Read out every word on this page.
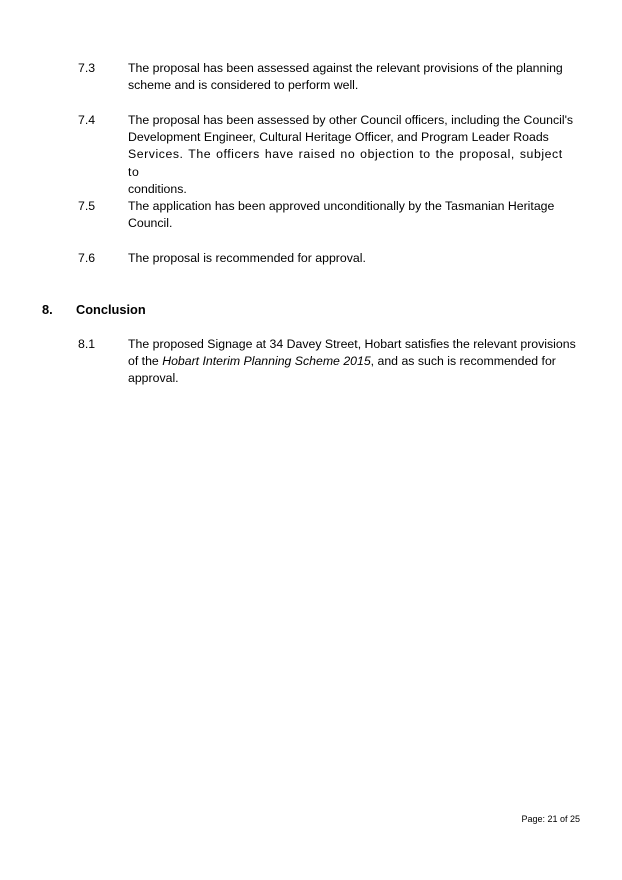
7.3	The proposal has been assessed against the relevant provisions of the planning
scheme and is considered to perform well.
7.4	The proposal has been assessed by other Council officers, including the Council's
Development Engineer, Cultural Heritage Officer, and Program Leader Roads
Services. The officers have raised no objection to the proposal, subject to
conditions.
7.5	The application has been approved unconditionally by the Tasmanian Heritage
Council.
7.6	The proposal is recommended for approval.
8. Conclusion
8.1	The proposed Signage at 34 Davey Street, Hobart satisfies the relevant provisions
of the Hobart Interim Planning Scheme 2015, and as such is recommended for
approval.
Page: 21 of 25
